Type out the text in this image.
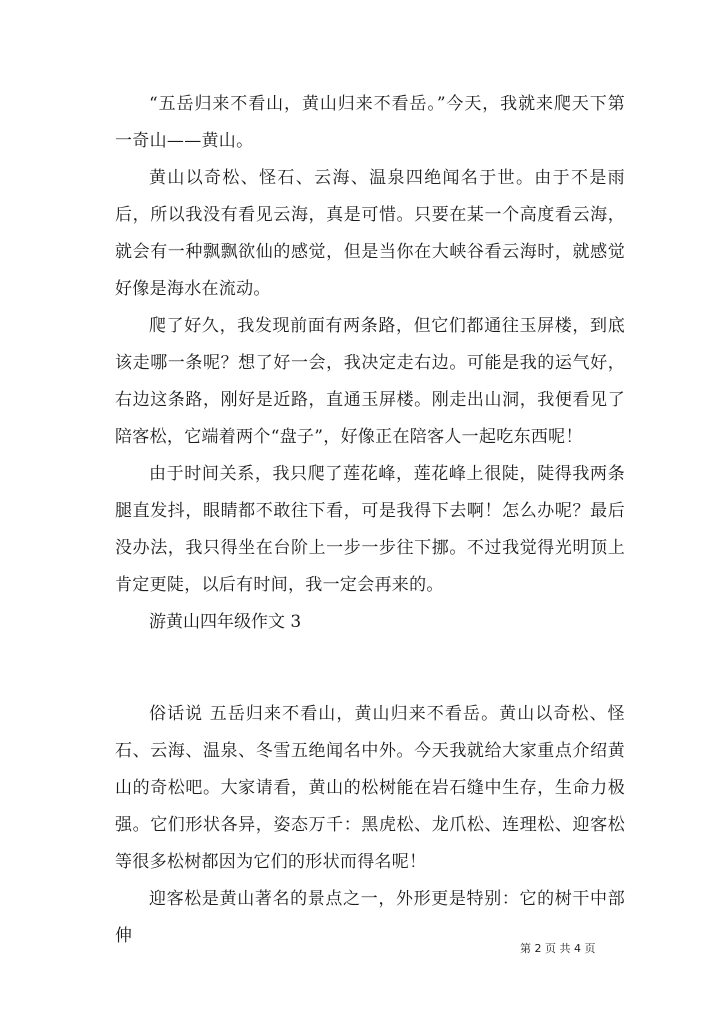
“五岳归来不看山，黄山归来不看岳。”今天，我就来爬天下第一奇山——黄山。

黄山以奇松、怪石、云海、温泉四绝闻名于世。由于不是雨后，所以我没有看见云海，真是可惜。只要在某一个高度看云海，就会有一种飘飘欲仙的感觉，但是当你在大峡谷看云海时，就感觉好像是海水在流动。

爬了好久，我发现前面有两条路，但它们都通往玉屏楼，到底该走哪一条呢？想了好一会，我决定走右边。可能是我的运气好，右边这条路，刚好是近路，直通玉屏楼。刚走出山洞，我便看见了陪客松，它端着两个“盘子”，好像正在陪客人一起吃东西呢！

由于时间关系，我只爬了莲花峰，莲花峰上很陡，陡得我两条腿直发抖，眼睛都不敢往下看，可是我得下去啊！怎么办呢？最后没办法，我只得坐在台阶上一步一步往下挪。不过我觉得光明顶上肯定更陡，以后有时间，我一定会再来的。

游黄山四年级作文 3

俗话说 五岳归来不看山，黄山归来不看岳。黄山以奇松、怪石、云海、温泉、冬雪五绝闻名中外。今天我就给大家重点介绍黄山的奇松吧。大家请看，黄山的松树能在岩石缝中生存，生命力极强。它们形状各异，姿态万千：黑虎松、龙爪松、连理松、迎客松等很多松树都因为它们的形状而得名呢！

迎客松是黄山著名的景点之一，外形更是特别：它的树干中部伸

第 2 页 共 4 页
